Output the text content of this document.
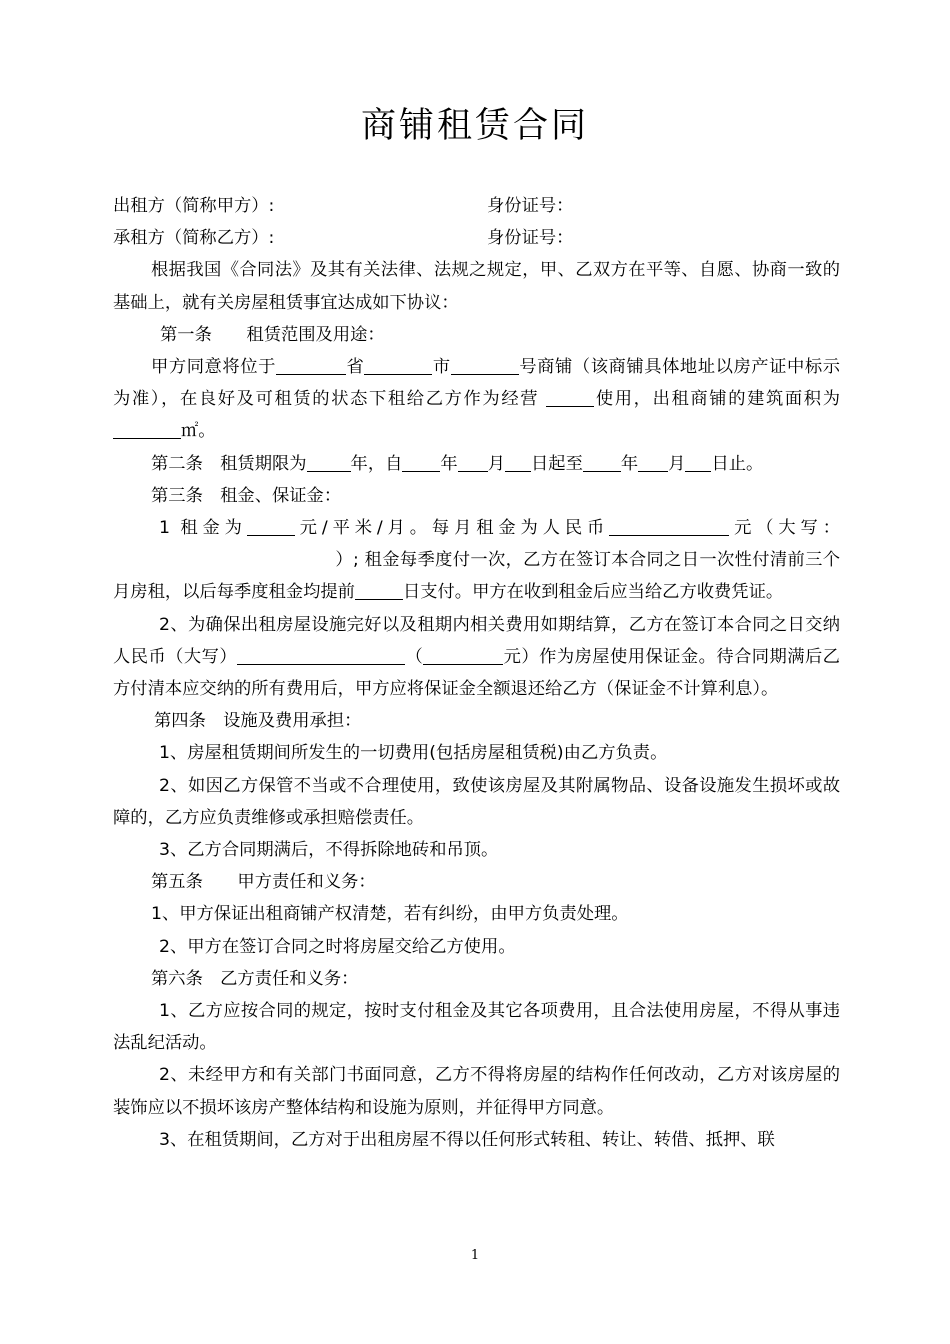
商铺租赁合同
出租方（简称甲方）:	身份证号：
承租方（简称乙方）:	身份证号：
根据我国《合同法》及其有关法律、法规之规定，甲、乙双方在平等、自愿、协商一致的基础上，就有关房屋租赁事宜达成如下协议：
第一条　　租赁范围及用途：
甲方同意将位于	省	市	号商铺（该商铺具体地址以房产证中标示为准），在良好及可租赁的状态下租给乙方作为经营	使用，出租商铺的建筑面积为㎡。
第二条　租赁期限为	年，自 年 月 日起至 年 月 日止。
第三条　租金、保证金：
1 租金为	元/平米/月。每月租金为人民币	元（大写：）; 租金每季度付一次，乙方在签订本合同之日一次性付清前三个月房租，以后每季度租金均提前	日支付。甲方在收到租金后应当给乙方收费凭证。
2、为确保出租房屋设施完好以及租期内相关费用如期结算，乙方在签订本合同之日交纳人民币（大写）	（	元）作为房屋使用保证金。待合同期满后乙方付清本应交纳的所有费用后，甲方应将保证金全额退还给乙方（保证金不计算利息）。
第四条　设施及费用承担：
1、房屋租赁期间所发生的一切费用(包括房屋租赁税)由乙方负责。
2、如因乙方保管不当或不合理使用，致使该房屋及其附属物品、设备设施发生损坏或故障的，乙方应负责维修或承担赔偿责任。
3、乙方合同期满后，不得拆除地砖和吊顶。
第五条　　甲方责任和义务：
1、甲方保证出租商铺产权清楚，若有纠纷，由甲方负责处理。
2、甲方在签订合同之时将房屋交给乙方使用。
第六条　乙方责任和义务：
1、乙方应按合同的规定，按时支付租金及其它各项费用，且合法使用房屋，不得从事违法乱纪活动。
2、未经甲方和有关部门书面同意，乙方不得将房屋的结构作任何改动，乙方对该房屋的装饰应以不损坏该房产整体结构和设施为原则，并征得甲方同意。
3、在租赁期间，乙方对于出租房屋不得以任何形式转租、转让、转借、抵押、联
1
